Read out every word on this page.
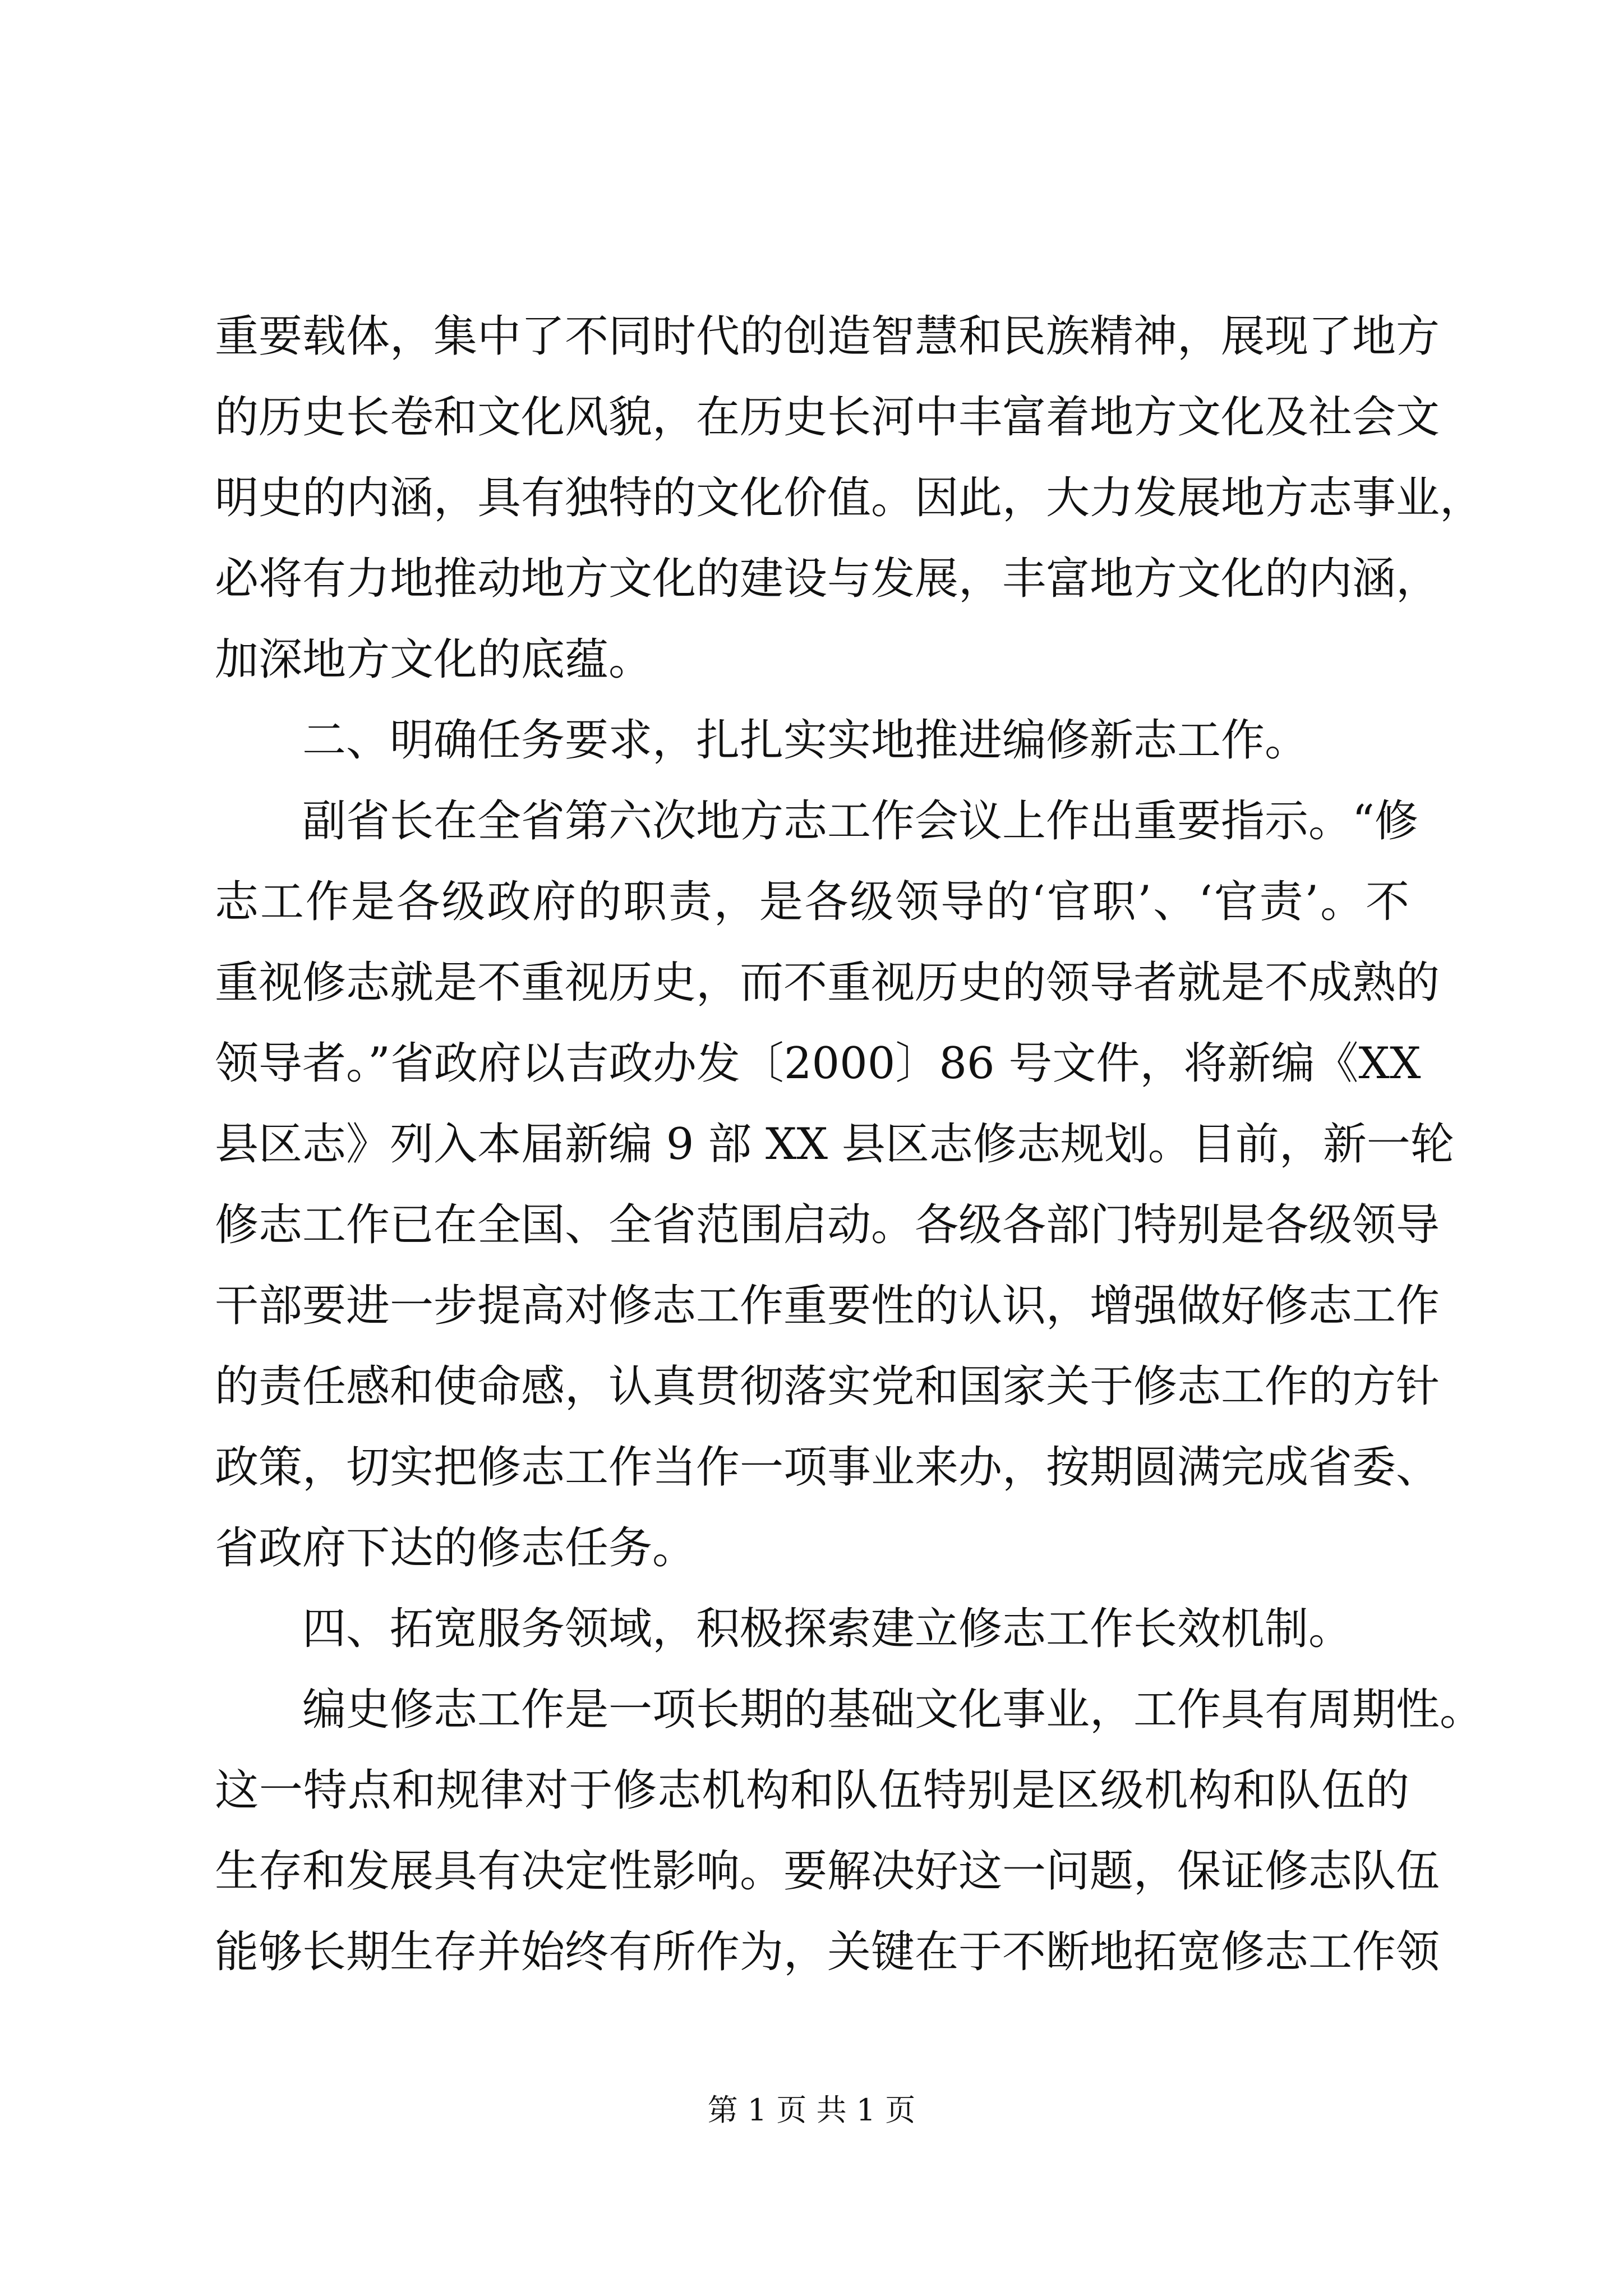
重要载体，集中了不同时代的创造智慧和民族精神，展现了地方
的历史长卷和文化风貌，在历史长河中丰富着地方文化及社会文
明史的内涵，具有独特的文化价值。因此，大力发展地方志事业，
必将有力地推动地方文化的建设与发展，丰富地方文化的内涵，
加深地方文化的底蕴。
二、明确任务要求，扎扎实实地推进编修新志工作。
副省长在全省第六次地方志工作会议上作出重要指示。“修
志工作是各级政府的职责，是各级领导的‘官职’、‘官责’。不
重视修志就是不重视历史，而不重视历史的领导者就是不成熟的
领导者。”省政府以吉政办发〔2000〕86 号文件，将新编《XX
县区志》列入本届新编 9 部 XX 县区志修志规划。目前，新一轮
修志工作已在全国、全省范围启动。各级各部门特别是各级领导
干部要进一步提高对修志工作重要性的认识，增强做好修志工作
的责任感和使命感，认真贯彻落实党和国家关于修志工作的方针
政策，切实把修志工作当作一项事业来办，按期圆满完成省委、
省政府下达的修志任务。
四、拓宽服务领域，积极探索建立修志工作长效机制。
编史修志工作是一项长期的基础文化事业，工作具有周期性。
这一特点和规律对于修志机构和队伍特别是区级机构和队伍的
生存和发展具有决定性影响。要解决好这一问题，保证修志队伍
能够长期生存并始终有所作为，关键在于不断地拓宽修志工作领
第 1 页 共 1 页
